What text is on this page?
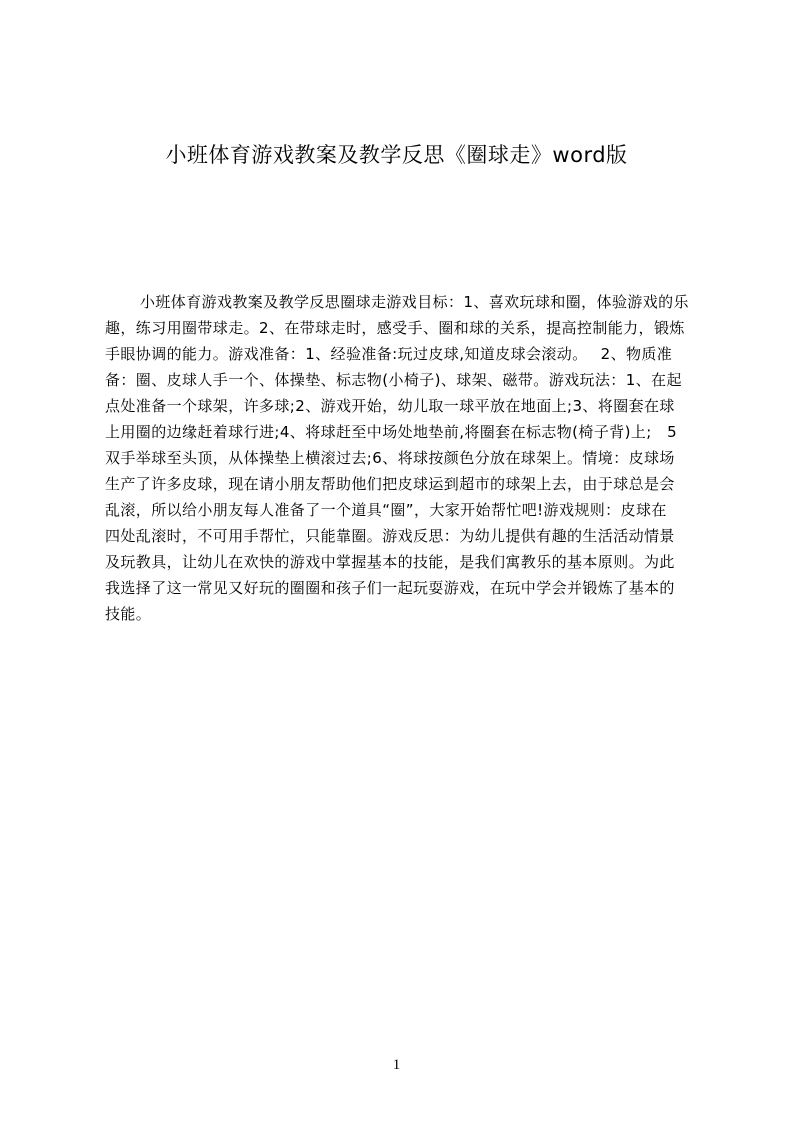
小班体育游戏教案及教学反思《圈球走》word版
小班体育游戏教案及教学反思圈球走游戏目标：1、喜欢玩球和圈，体验游戏的乐
趣，练习用圈带球走。2、在带球走时，感受手、圈和球的关系，提高控制能力，锻炼
手眼协调的能力。游戏准备：1、经验准备:玩过皮球,知道皮球会滚动。　 2、物质准
备：圈、皮球人手一个、体操垫、标志物(小椅子)、球架、磁带。游戏玩法：1、在起
点处准备一个球架，许多球;2、游戏开始，幼儿取一球平放在地面上;3、将圈套在球
上用圈的边缘赶着球行进;4、将球赶至中场处地垫前,将圈套在标志物(椅子背)上;　5
双手举球至头顶，从体操垫上横滚过去;6、将球按颜色分放在球架上。情境：皮球场
生产了许多皮球，现在请小朋友帮助他们把皮球运到超市的球架上去，由于球总是会
乱滚，所以给小朋友每人准备了一个道具“圈”，大家开始帮忙吧!游戏规则：皮球在
四处乱滚时，不可用手帮忙，只能靠圈。游戏反思：为幼儿提供有趣的生活活动情景
及玩教具，让幼儿在欢快的游戏中掌握基本的技能，是我们寓教乐的基本原则。为此
我选择了这一常见又好玩的圈圈和孩子们一起玩耍游戏，在玩中学会并锻炼了基本的
技能。
1
